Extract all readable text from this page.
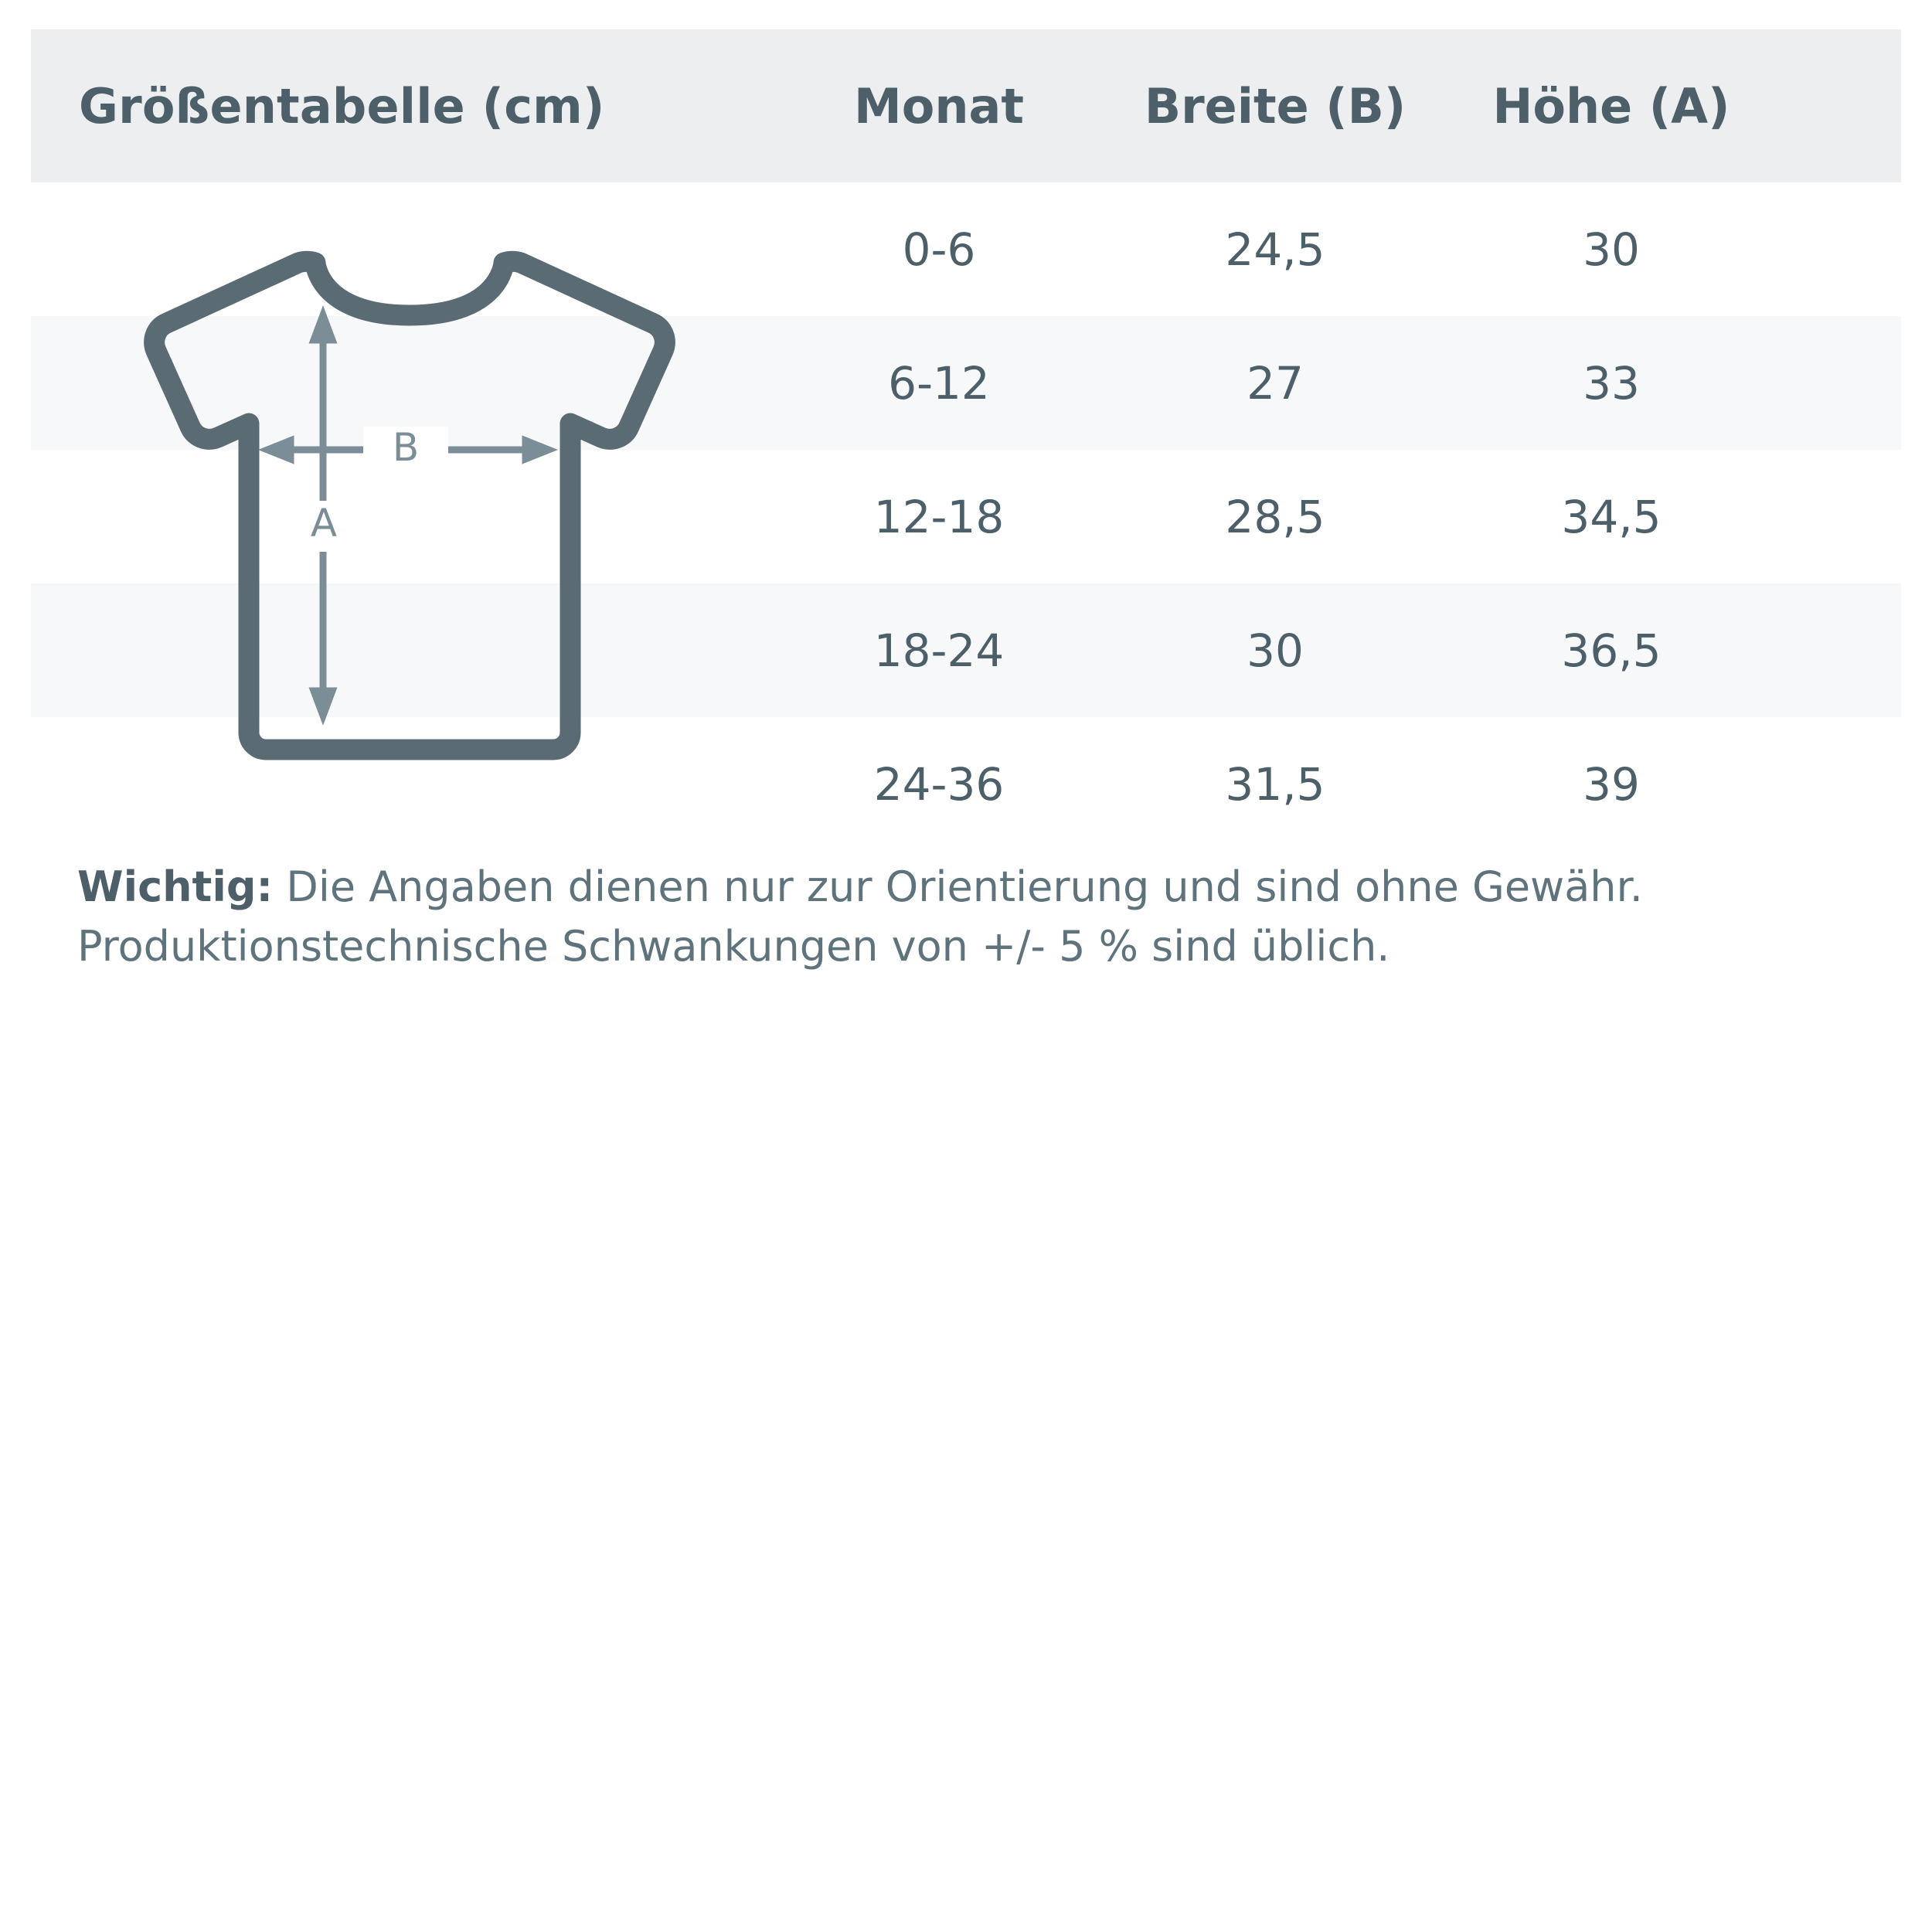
Größentabelle (cm)	Monat	Breite (B)	Höhe (A)
0-6	24,5	30
6-12	27	33
12-18	28,5	34,5
18-24	30	36,5
24-36	31,5	39
B
A
Wichtig: Die Angaben dienen nur zur Orientierung und sind ohne Gewähr. Produktionstechnische Schwankungen von +/- 5 % sind üblich.
